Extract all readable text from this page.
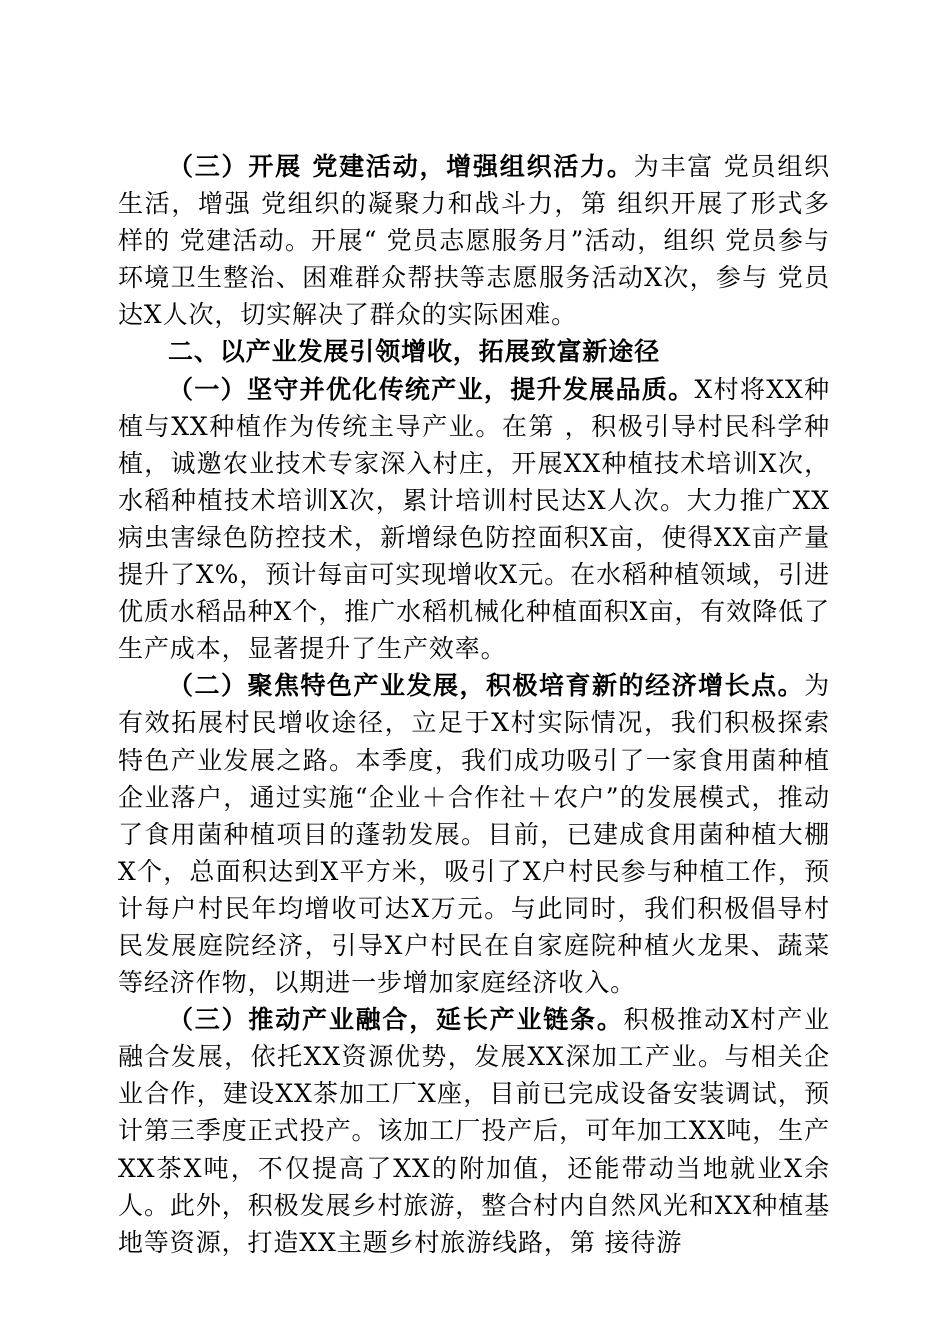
（三）开展 党建活动，增强组织活力。为丰富 党员组织生活，增强 党组织的凝聚力和战斗力，第 组织开展了形式多样的 党建活动。开展“ 党员志愿服务月”活动，组织 党员参与环境卫生整治、困难群众帮扶等志愿服务活动X次，参与 党员达X人次，切实解决了群众的实际困难。

二、以产业发展引领增收，拓展致富新途径

（一）坚守并优化传统产业，提升发展品质。X村将XX种植与XX种植作为传统主导产业。在第 ，积极引导村民科学种植，诚邀农业技术专家深入村庄，开展XX种植技术培训X次，水稻种植技术培训X次，累计培训村民达X人次。大力推广XX病虫害绿色防控技术，新增绿色防控面积X亩，使得XX亩产量提升了X%，预计每亩可实现增收X元。在水稻种植领域，引进优质水稻品种X个，推广水稻机械化种植面积X亩，有效降低了生产成本，显著提升了生产效率。

（二）聚焦特色产业发展，积极培育新的经济增长点。为有效拓展村民增收途径，立足于X村实际情况，我们积极探索特色产业发展之路。本季度，我们成功吸引了一家食用菌种植企业落户，通过实施“企业＋合作社＋农户”的发展模式，推动了食用菌种植项目的蓬勃发展。目前，已建成食用菌种植大棚X个，总面积达到X平方米，吸引了X户村民参与种植工作，预计每户村民年均增收可达X万元。与此同时，我们积极倡导村民发展庭院经济，引导X户村民在自家庭院种植火龙果、蔬菜等经济作物，以期进一步增加家庭经济收入。

（三）推动产业融合，延长产业链条。积极推动X村产业融合发展，依托XX资源优势，发展XX深加工产业。与相关企业合作，建设XX茶加工厂X座，目前已完成设备安装调试，预计第三季度正式投产。该加工厂投产后，可年加工XX吨，生产XX茶X吨，不仅提高了XX的附加值，还能带动当地就业X余人。此外，积极发展乡村旅游，整合村内自然风光和XX种植基地等资源，打造XX主题乡村旅游线路，第 接待游
